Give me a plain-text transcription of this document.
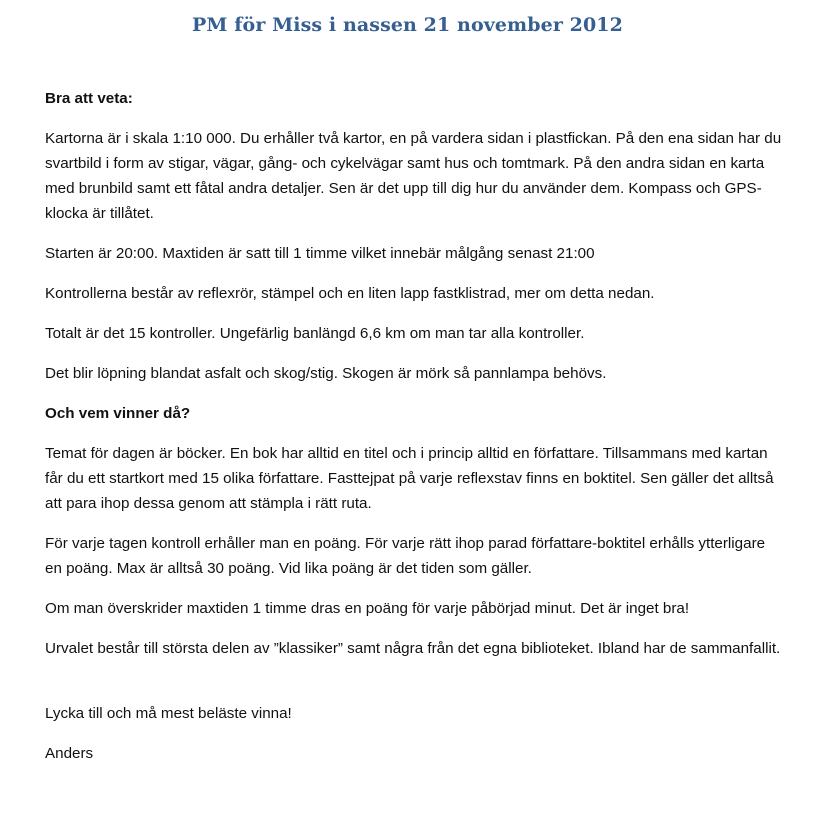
PM för Miss i nassen 21 november 2012

Bra att veta:

Kartorna är i skala 1:10 000. Du erhåller två kartor, en på vardera sidan i plastfickan. På den ena sidan har du svartbild i form av stigar, vägar, gång- och cykelvägar samt hus och tomtmark. På den andra sidan en karta med brunbild samt ett fåtal andra detaljer. Sen är det upp till dig hur du använder dem. Kompass och GPS-klocka är tillåtet.

Starten är 20:00. Maxtiden är satt till 1 timme vilket innebär målgång senast 21:00

Kontrollerna består av reflexrör, stämpel och en liten lapp fastklistrad, mer om detta nedan.

Totalt är det 15 kontroller. Ungefärlig banlängd 6,6 km om man tar alla kontroller.

Det blir löpning blandat asfalt och skog/stig. Skogen är mörk så pannlampa behövs.

Och vem vinner då?

Temat för dagen är böcker. En bok har alltid en titel och i princip alltid en författare. Tillsammans med kartan får du ett startkort med 15 olika författare. Fasttejpat på varje reflexstav finns en boktitel. Sen gäller det alltså att para ihop dessa genom att stämpla i rätt ruta.

För varje tagen kontroll erhåller man en poäng. För varje rätt ihop parad författare-boktitel erhålls ytterligare en poäng. Max är alltså 30 poäng. Vid lika poäng är det tiden som gäller.

Om man överskrider maxtiden 1 timme dras en poäng för varje påbörjad minut. Det är inget bra!

Urvalet består till största delen av ”klassiker” samt några från det egna biblioteket. Ibland har de sammanfallit.

Lycka till och må mest beläste vinna!

Anders
